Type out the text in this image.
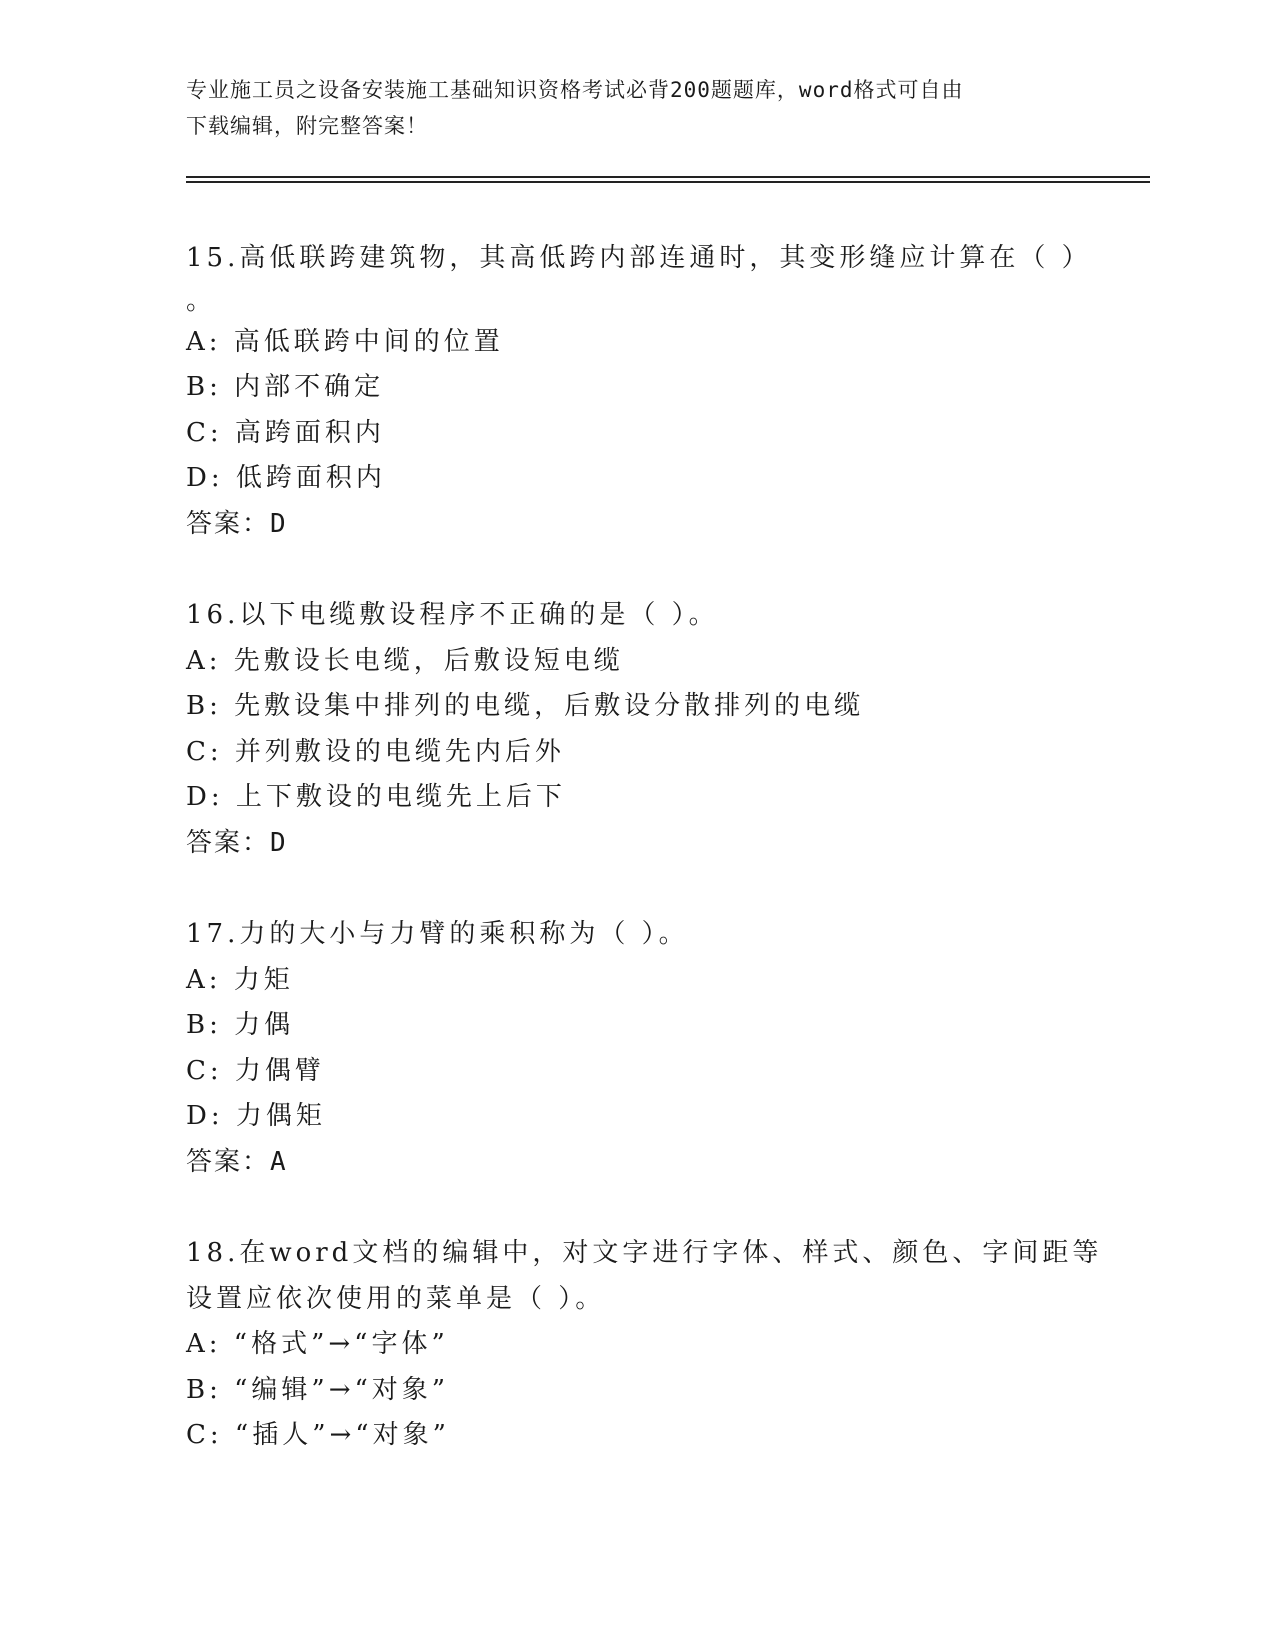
专业施工员之设备安装施工基础知识资格考试必背200题题库，word格式可自由
下载编辑，附完整答案！
15.高低联跨建筑物，其高低跨内部连通时，其变形缝应计算在（ ）
。
A: 高低联跨中间的位置
B: 内部不确定
C: 高跨面积内
D: 低跨面积内
答案：D
16.以下电缆敷设程序不正确的是（ ）。
A: 先敷设长电缆，后敷设短电缆
B: 先敷设集中排列的电缆，后敷设分散排列的电缆
C: 并列敷设的电缆先内后外
D: 上下敷设的电缆先上后下
答案：D
17.力的大小与力臂的乘积称为（ ）。
A: 力矩
B: 力偶
C: 力偶臂
D: 力偶矩
答案：A
18.在word文档的编辑中，对文字进行字体、样式、颜色、字间距等
设置应依次使用的菜单是（ ）。
A: “格式”→“字体”
B: “编辑”→“对象”
C: “插人”→“对象”
